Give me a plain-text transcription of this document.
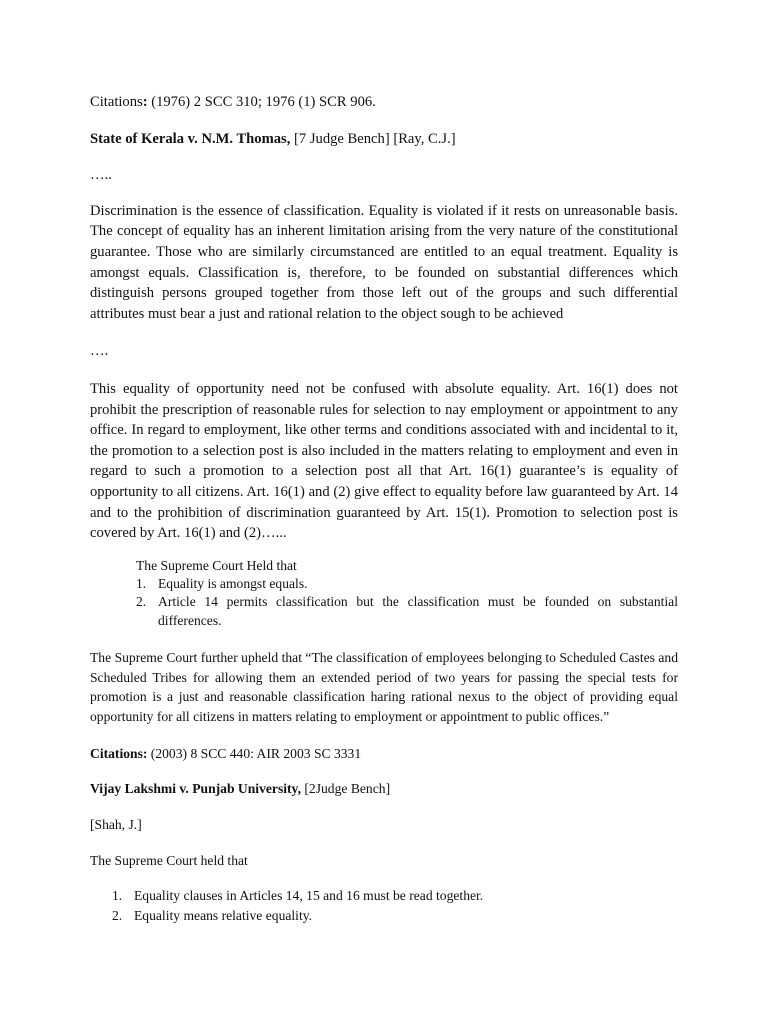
Citations: (1976) 2 SCC 310; 1976 (1) SCR 906.

State of Kerala v. N.M. Thomas, [7 Judge Bench] [Ray, C.J.]

…..

Discrimination is the essence of classification. Equality is violated if it rests on unreasonable basis. The concept of equality has an inherent limitation arising from the very nature of the constitutional guarantee. Those who are similarly circumstanced are entitled to an equal treatment. Equality is amongst equals. Classification is, therefore, to be founded on substantial differences which distinguish persons grouped together from those left out of the groups and such differential attributes must bear a just and rational relation to the object sough to be achieved

….

This equality of opportunity need not be confused with absolute equality. Art. 16(1) does not prohibit the prescription of reasonable rules for selection to nay employment or appointment to any office. In regard to employment, like other terms and conditions associated with and incidental to it, the promotion to a selection post is also included in the matters relating to employment and even in regard to such a promotion to a selection post all that Art. 16(1) guarantee’s is equality of opportunity to all citizens. Art. 16(1) and (2) give effect to equality before law guaranteed by Art. 14 and to the prohibition of discrimination guaranteed by Art. 15(1). Promotion to selection post is covered by Art. 16(1) and (2)…...

The Supreme Court Held that

1. Equality is amongst equals.
2. Article 14 permits classification but the classification must be founded on substantial differences.

The Supreme Court further upheld that “The classification of employees belonging to Scheduled Castes and Scheduled Tribes for allowing them an extended period of two years for passing the special tests for promotion is a just and reasonable classification haring rational nexus to the object of providing equal opportunity for all citizens in matters relating to employment or appointment to public offices.”

Citations: (2003) 8 SCC 440: AIR 2003 SC 3331

Vijay Lakshmi v. Punjab University, [2Judge Bench]

[Shah, J.]

The Supreme Court held that

1. Equality clauses in Articles 14, 15 and 16 must be read together.
2. Equality means relative equality.
